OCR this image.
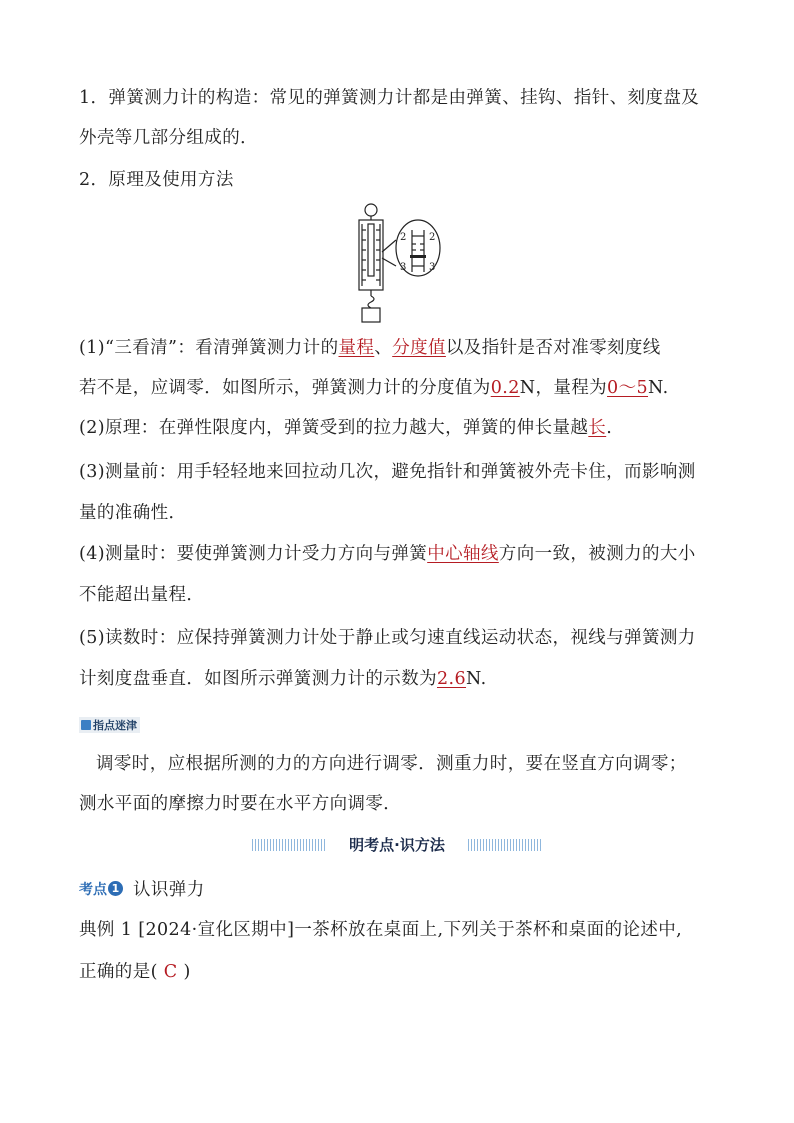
1．弹簧测力计的构造：常见的弹簧测力计都是由弹簧、挂钩、指针、刻度盘及
外壳等几部分组成的．
2．原理及使用方法
2 2
3 3
(1)“三看清”：看清弹簧测力计的量程、分度值以及指针是否对准零刻度线
若不是，应调零．如图所示，弹簧测力计的分度值为0.2N，量程为0～5N.
(2)原理：在弹性限度内，弹簧受到的拉力越大，弹簧的伸长量越长.
(3)测量前：用手轻轻地来回拉动几次，避免指针和弹簧被外壳卡住，而影响测
量的准确性．
(4)测量时：要使弹簧测力计受力方向与弹簧中心轴线方向一致，被测力的大小
不能超出量程．
(5)读数时：应保持弹簧测力计处于静止或匀速直线运动状态，视线与弹簧测力
计刻度盘垂直．如图所示弹簧测力计的示数为2.6N.
指点迷津
调零时，应根据所测的力的方向进行调零．测重力时，要在竖直方向调零；
测水平面的摩擦力时要在水平方向调零．
明考点·识方法
考点 1 认识弹力
典例 1 [2024·宣化区期中]一茶杯放在桌面上,下列关于茶杯和桌面的论述中,
正确的是( C )
